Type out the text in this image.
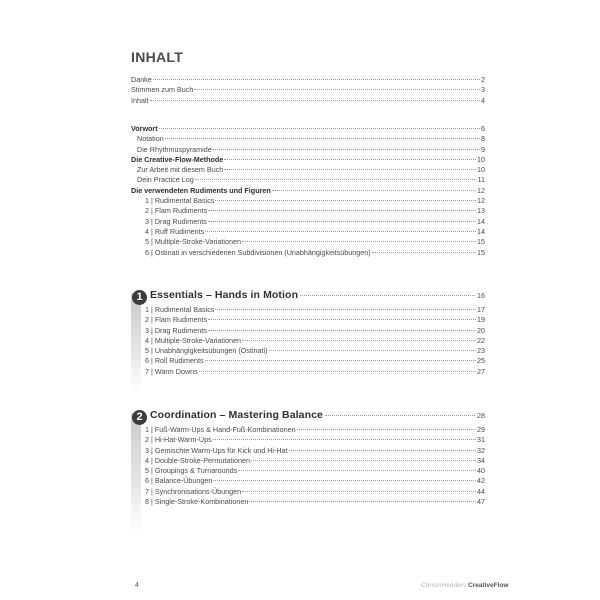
INHALT
Danke	2
Stimmen zum Buch	3
Inhalt	4
Vorwort	6
Notation	8
Die Rhythmuspyramide	9
Die Creative-Flow-Methode	10
Zur Arbeit mit diesem Buch	10
Dein Practice Log	11
Die verwendeten Rudiments und Figuren	12
1 | Rudimental Basics	12
2 | Flam Rudiments	13
3 | Drag Rudiments	14
4 | Ruff Rudiments	14
5 | Multiple-Stroke-Variationen	15
6 | Ostinati in verschiedenen Subdivisionen (Unabhängigkeitsübungen)	15
1 Essentials – Hands in Motion	16
1 | Rudimental Basics	17
2 | Flam Rudiments	19
3 | Drag Rudiments	20
4 | Multiple-Stroke-Variationen	22
5 | Unabhängigkeitsübungen (Ostinati)	23
6 | Roll Rudiments	25
7 | Warm Downs	27
2 Coordination – Mastering Balance	28
1 | Fuß-Warm-Ups & Hand-Fuß-Kombinationen	29
2 | Hi-Hat-Warm-Ups	31
3 | Gemischte Warm-Ups für Kick und Hi-Hat	32
4 | Double-Stroke-Permutationen	34
5 | Groupings & Turnarounds	40
6 | Balance-Übungen	42
7 | Synchronisations-Übungen	44
8 | Single-Stroke-Kombinationen	47
4	ChrismHedders CreativeFlow
